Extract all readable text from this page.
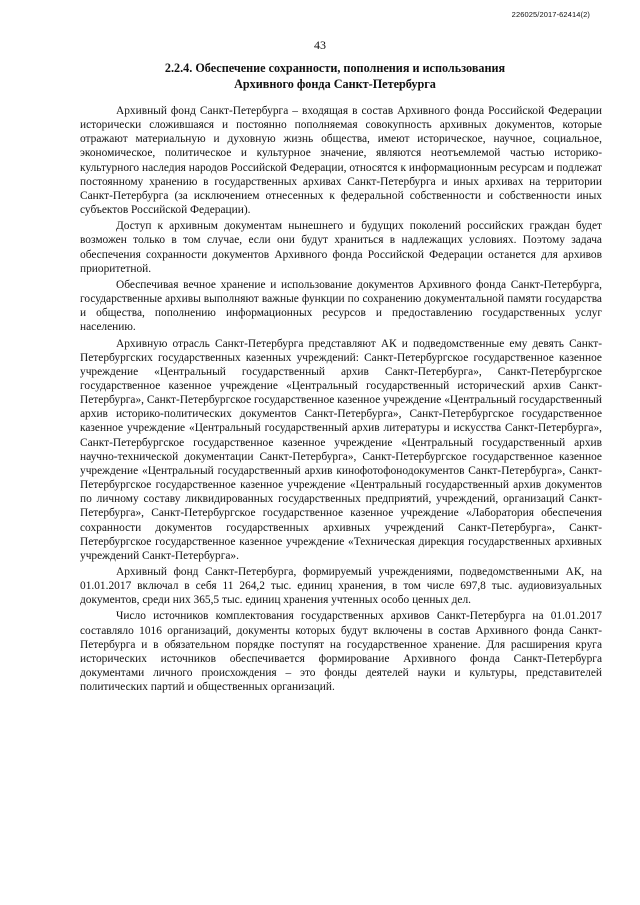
226025/2017-62414(2)
43
2.2.4. Обеспечение сохранности, пополнения и использования
Архивного фонда Санкт-Петербурга

Архивный фонд Санкт-Петербурга – входящая в состав Архивного фонда Российской Федерации исторически сложившаяся и постоянно пополняемая совокупность архивных документов, которые отражают материальную и духовную жизнь общества, имеют историческое, научное, социальное, экономическое, политическое и культурное значение, являются неотъемлемой частью историко-культурного наследия народов Российской Федерации, относятся к информационным ресурсам и подлежат постоянному хранению в государственных архивах Санкт-Петербурга и иных архивах на территории Санкт-Петербурга (за исключением отнесенных к федеральной собственности и собственности иных субъектов Российской Федерации).

Доступ к архивным документам нынешнего и будущих поколений российских граждан будет возможен только в том случае, если они будут храниться в надлежащих условиях. Поэтому задача обеспечения сохранности документов Архивного фонда Российской Федерации останется для архивов приоритетной.

Обеспечивая вечное хранение и использование документов Архивного фонда Санкт-Петербурга, государственные архивы выполняют важные функции по сохранению документальной памяти государства и общества, пополнению информационных ресурсов и предоставлению государственных услуг населению.

Архивную отрасль Санкт-Петербурга представляют АК и подведомственные ему девять Санкт-Петербургских государственных казенных учреждений: Санкт-Петербургское государственное казенное учреждение «Центральный государственный архив Санкт-Петербурга», Санкт-Петербургское государственное казенное учреждение «Центральный государственный исторический архив Санкт-Петербурга», Санкт-Петербургское государственное казенное учреждение «Центральный государственный архив историко-политических документов Санкт-Петербурга», Санкт-Петербургское государственное казенное учреждение «Центральный государственный архив литературы и искусства Санкт-Петербурга», Санкт-Петербургское государственное казенное учреждение «Центральный государственный архив научно-технической документации Санкт-Петербурга», Санкт-Петербургское государственное казенное учреждение «Центральный государственный архив кинофотофонодокументов Санкт-Петербурга», Санкт-Петербургское государственное казенное учреждение «Центральный государственный архив документов по личному составу ликвидированных государственных предприятий, учреждений, организаций Санкт-Петербурга», Санкт-Петербургское государственное казенное учреждение «Лаборатория обеспечения сохранности документов государственных архивных учреждений Санкт-Петербурга», Санкт-Петербургское государственное казенное учреждение «Техническая дирекция государственных архивных учреждений Санкт-Петербурга».

Архивный фонд Санкт-Петербурга, формируемый учреждениями, подведомственными АК, на 01.01.2017 включал в себя 11 264,2 тыс. единиц хранения, в том числе 697,8 тыс. аудиовизуальных документов, среди них 365,5 тыс. единиц хранения учтенных особо ценных дел.

Число источников комплектования государственных архивов Санкт-Петербурга на 01.01.2017 составляло 1016 организаций, документы которых будут включены в состав Архивного фонда Санкт-Петербурга и в обязательном порядке поступят на государственное хранение. Для расширения круга исторических источников обеспечивается формирование Архивного фонда Санкт-Петербурга документами личного происхождения – это фонды деятелей науки и культуры, представителей политических партий и общественных организаций.
